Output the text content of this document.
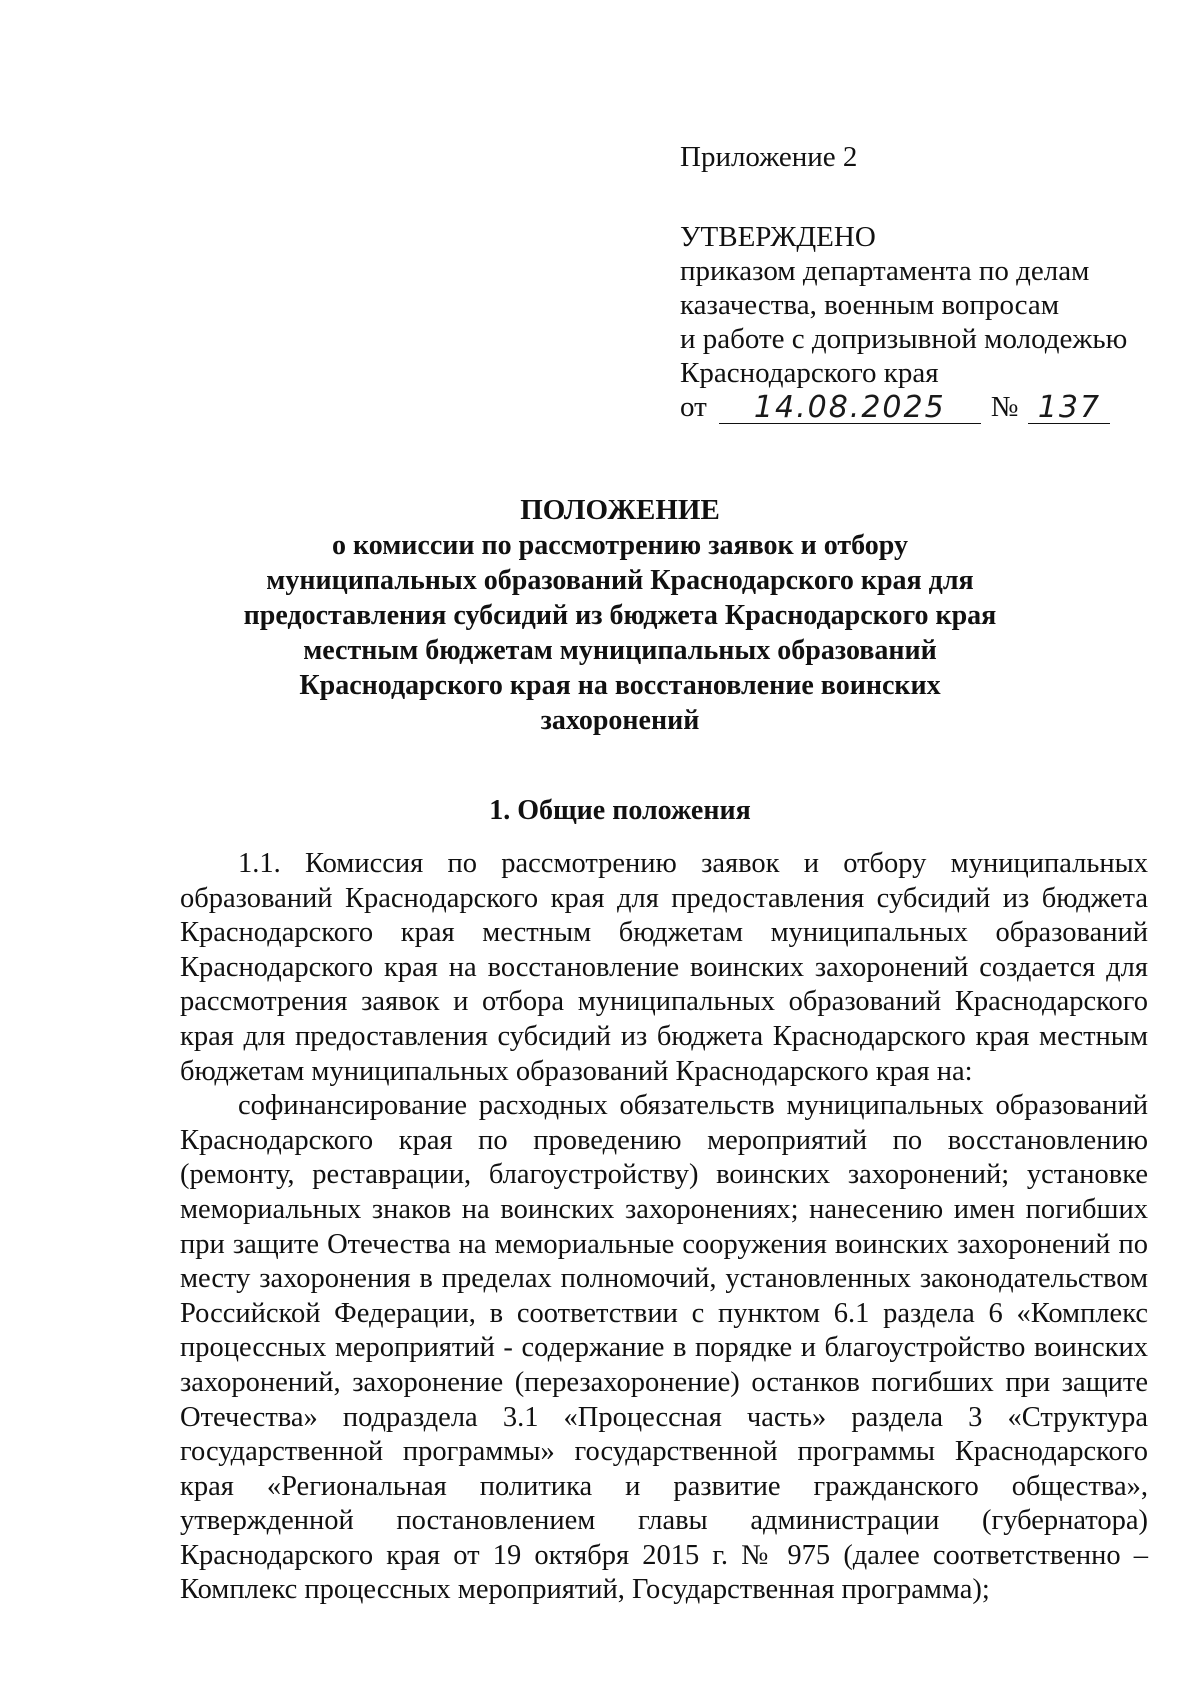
Приложение 2

УТВЕРЖДЕНО

приказом департамента по делам

казачества, военным вопросам

и работе с допризывной молодежью

Краснодарского края

от	14.08.2025	№ 137

ПОЛОЖЕНИЕ
о комиссии по рассмотрению заявок и отбору
муниципальных образований Краснодарского края для
предоставления субсидий из бюджета Краснодарского края
местным бюджетам муниципальных образований
Краснодарского края на восстановление воинских
захоронений
1. Общие положения

1.1. Комиссия по рассмотрению заявок и отбору муниципальных образований Краснодарского края для предоставления субсидий из бюджета Краснодарского края местным бюджетам муниципальных образований Краснодарского края на восстановление воинских захоронений создается для рассмотрения заявок и отбора муниципальных образований Краснодарского края для предоставления субсидий из бюджета Краснодарского края местным бюджетам муниципальных образований Краснодарского края на:

софинансирование расходных обязательств муниципальных образований Краснодарского края по проведению мероприятий по восстановлению (ремонту, реставрации, благоустройству) воинских захоронений; установке мемориальных знаков на воинских захоронениях; нанесению имен погибших при защите Отечества на мемориальные сооружения воинских захоронений по месту захоронения в пределах полномочий, установленных законодательством Российской Федерации, в соответствии с пунктом 6.1 раздела 6 «Комплекс процессных мероприятий - содержание в порядке и благоустройство воинских захоронений, захоронение (перезахоронение) останков погибших при защите Отечества» подраздела 3.1 «Процессная часть» раздела 3 «Структура государственной программы» государственной программы Краснодарского края «Региональная политика и развитие гражданского общества», утвержденной постановлением главы администрации (губернатора) Краснодарского края от 19 октября 2015 г. № 975 (далее соответственно – Комплекс процессных мероприятий, Государственная программа);
